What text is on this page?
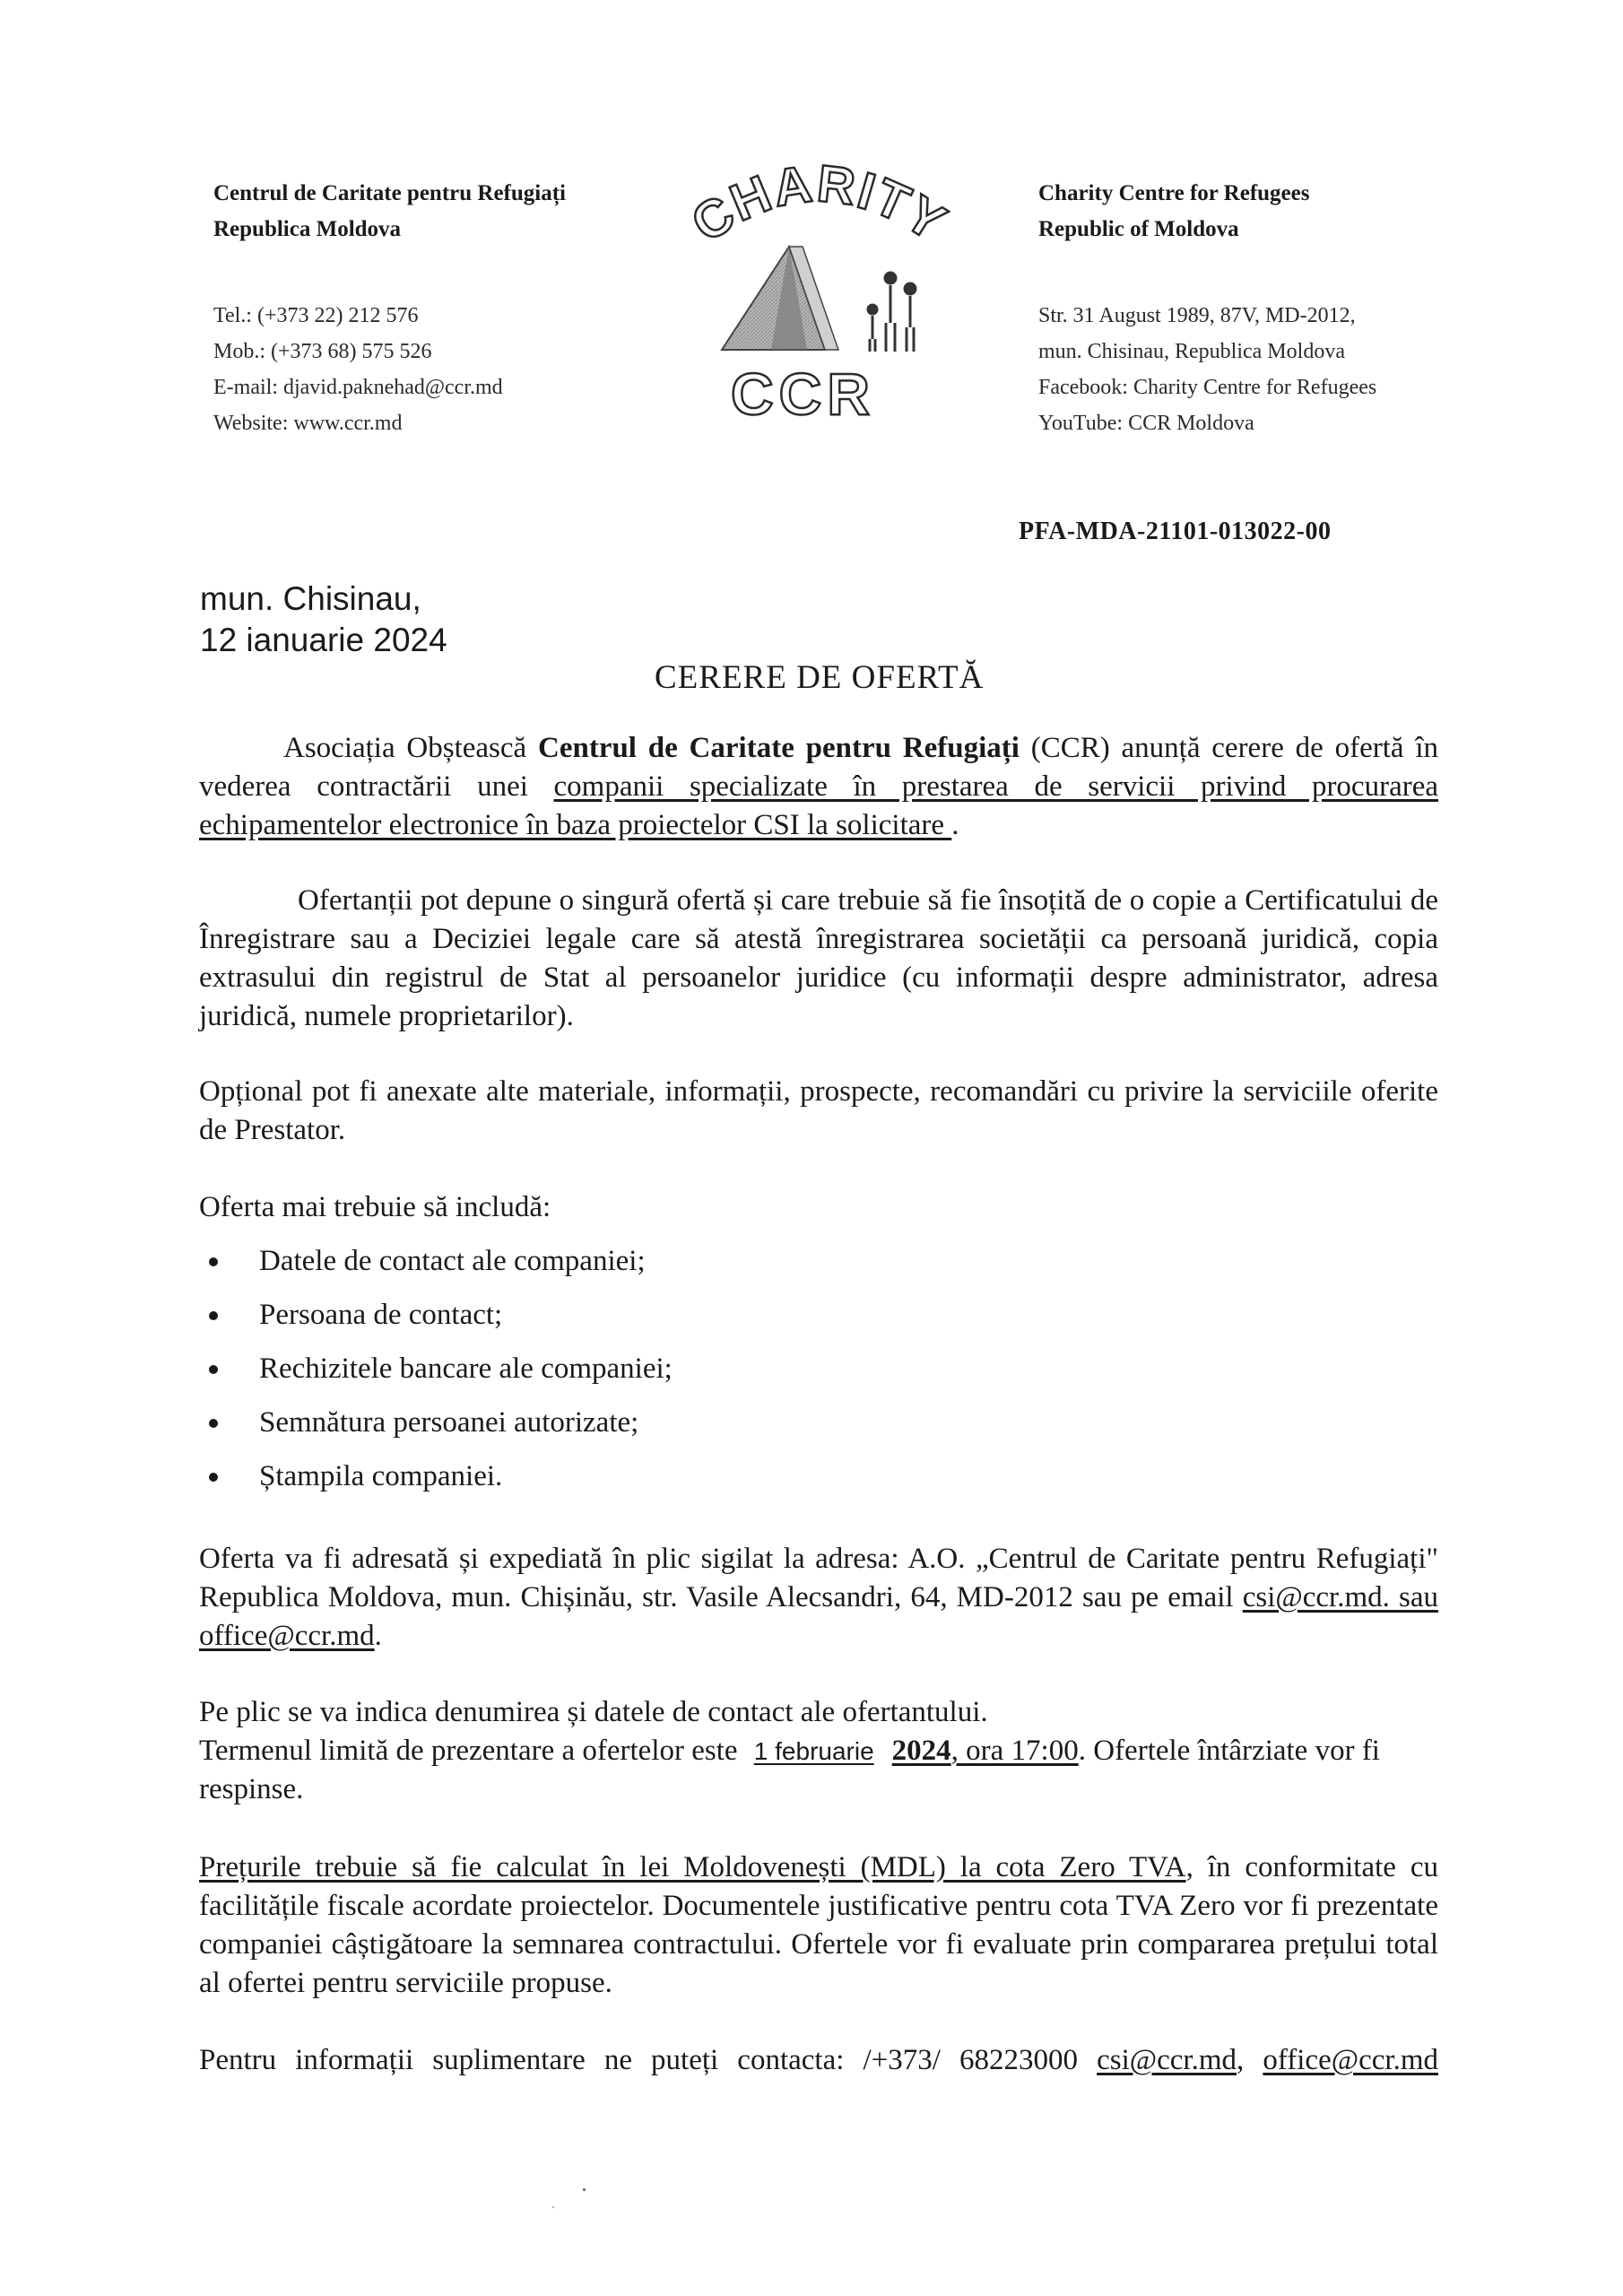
Centrul de Caritate pentru Refugiați
Republica Moldova
Tel.: (+373 22) 212 576
Mob.: (+373 68) 575 526
E-mail: djavid.paknehad@ccr.md
Website: www.ccr.md
CHARIT
CCR
Charity Centre for Refugees
Republic of Moldova
Str. 31 August 1989, 87V, MD-2012,
mun. Chisinau, Republica Moldova
Facebook: Charity Centre for Refugees
YouTube: CCR Moldova
PFA-MDA-21101-013022-00
mun. Chisinau,
12 ianuarie 2024
CERERE DE OFERTĂ
Asociația Obștească Centrul de Caritate pentru Refugiați (CCR) anunță cerere de ofertă în vederea contractării unei companii specializate în prestarea de servicii privind procurarea echipamentelor electronice în baza proiectelor CSI la solicitare .
Ofertanții pot depune o singură ofertă și care trebuie să fie însoțită de o copie a Certificatului de Înregistrare sau a Deciziei legale care să atestă înregistrarea societății ca persoană juridică, copia extrasului din registrul de Stat al persoanelor juridice (cu informații despre administrator, adresa juridică, numele proprietarilor).
Opțional pot fi anexate alte materiale, informații, prospecte, recomandări cu privire la serviciile oferite de Prestator.
Oferta mai trebuie să includă:
Datele de contact ale companiei;
Persoana de contact;
Rechizitele bancare ale companiei;
Semnătura persoanei autorizate;
Ștampila companiei.
Oferta va fi adresată și expediată în plic sigilat la adresa: A.O. „Centrul de Caritate pentru Refugiați" Republica Moldova, mun. Chișinău, str. Vasile Alecsandri, 64, MD-2012 sau pe email csi@ccr.md. sau office@ccr.md.
Pe plic se va indica denumirea și datele de contact ale ofertantului.
Termenul limită de prezentare a ofertelor este 1 februarie 2024, ora 17:00. Ofertele întârziate vor fi respinse.
Prețurile trebuie să fie calculat în lei Moldovenești (MDL) la cota Zero TVA, în conformitate cu facilitățile fiscale acordate proiectelor. Documentele justificative pentru cota TVA Zero vor fi prezentate companiei câștigătoare la semnarea contractului. Ofertele vor fi evaluate prin compararea prețului total al ofertei pentru serviciile propuse.
Pentru informații suplimentare ne puteți contacta: /+373/ 68223000 csi@ccr.md, office@ccr.md
